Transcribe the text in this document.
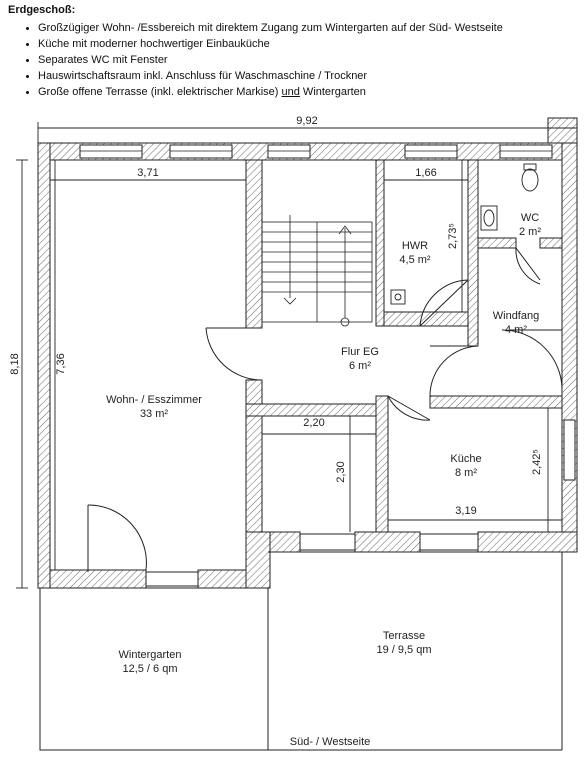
Erdgeschoß:
• Großzügiger Wohn- /Essbereich mit direktem Zugang zum Wintergarten auf der Süd- Westseite
• Küche mit moderner hochwertiger Einbauküche
• Separates WC mit Fenster
• Hauswirtschaftsraum inkl. Anschluss für Waschmaschine / Trockner
• Große offene Terrasse (inkl. elektrischer Markise) und Wintergarten
9,92
8,18
3,71
7,36
1,66
2,73⁵
2,20
2,30
3,19
2,42⁵
Wohn- / Esszimmer
33 m²
Flur EG
6 m²
HWR
4,5 m²
WC
2 m²
Windfang
4 m²
Küche
8 m²
Wintergarten
12,5 / 6 qm
Terrasse
19 / 9,5 qm
Süd- / Westseite
